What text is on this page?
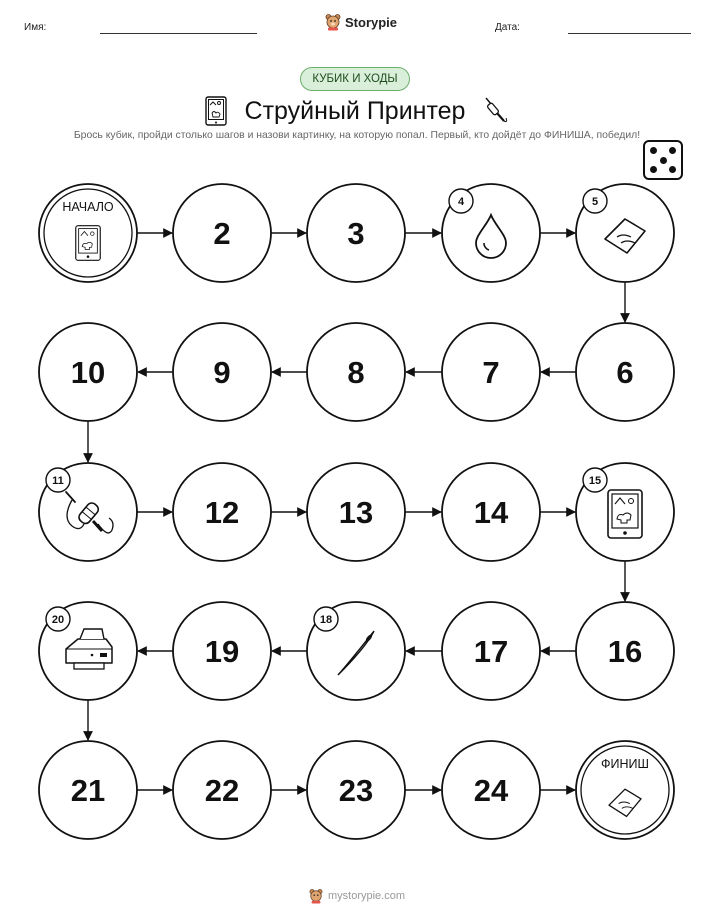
Имя:	Storypie	Дата:
КУБИК И ХОДЫ
Струйный Принтер
Брось кубик, пройди столько шагов и назови картинку, на которую попал. Первый, кто дойдёт до ФИНИША, победил!
НАЧАЛО
2	3
4	5
6
7
8
9
10
11
12	13	14
15
16
17
18
19
20
21	22	23	24
ФИНИШ
mystorypie.com
